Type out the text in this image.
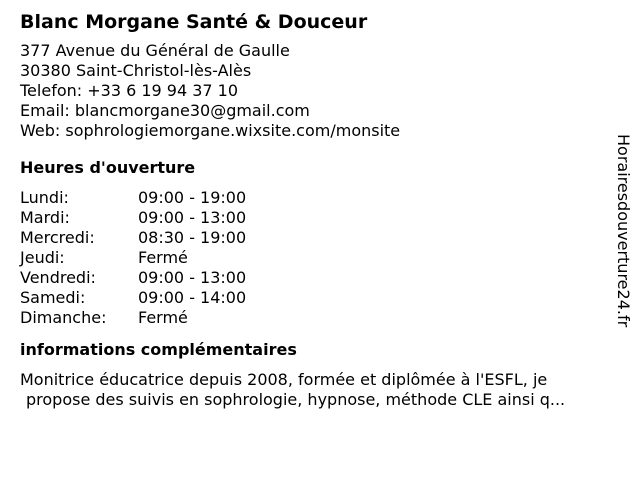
Blanc Morgane Santé & Douceur
377 Avenue du Général de Gaulle
30380 Saint-Christol-lès-Alès
Telefon: +33 6 19 94 37 10
Email: blancmorgane30@gmail.com
Web: sophrologiemorgane.wixsite.com/monsite
Heures d'ouverture
Lundi:	09:00 - 19:00
Mardi:	09:00 - 13:00
Mercredi:	08:30 - 19:00
Jeudi:	Fermé
Vendredi:	09:00 - 13:00
Samedi:	09:00 - 14:00
Dimanche:	Fermé
informations complémentaires
Monitrice éducatrice depuis 2008, formée et diplômée à l'ESFL, je
propose des suivis en sophrologie, hypnose, méthode CLE ainsi q...
Horairesdouverture24.fr
